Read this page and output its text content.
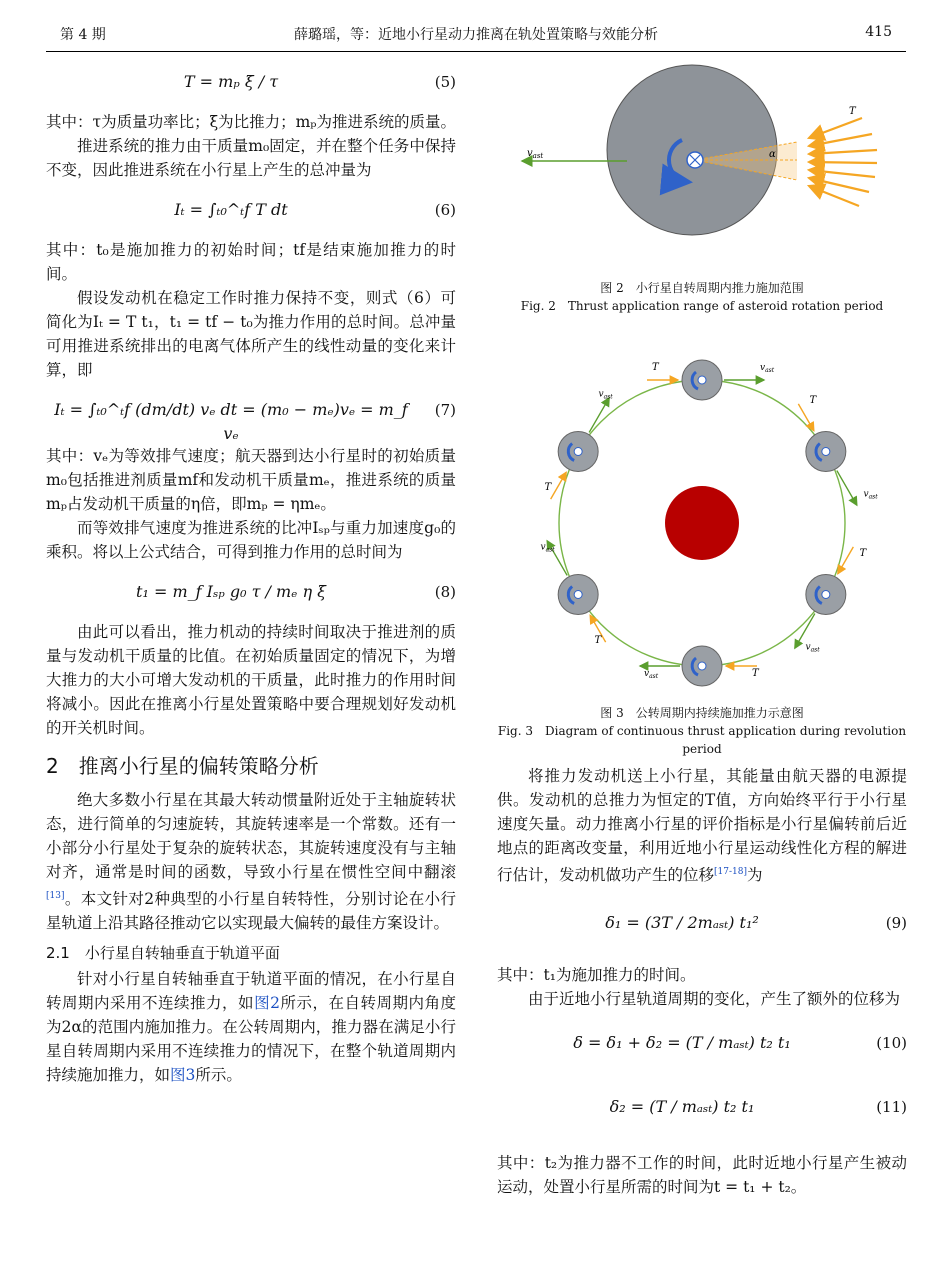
第 4 期	薛璐瑶，等：近地小行星动力推离在轨处置策略与效能分析	415
T = mₚ ξ / τ	(5)

其中：τ为质量功率比；ξ为比推力；mₚ为推进系统的质量。

推进系统的推力由干质量m₀固定，并在整个任务中保持不变，因此推进系统在小行星上产生的总冲量为

Iₜ = ∫ₜ₀^ₜf T dt	(6)

其中：t₀是施加推力的初始时间；tf是结束施加推力的时间。

假设发动机在稳定工作时推力保持不变，则式（6）可简化为Iₜ = T t₁，t₁ = tf − t₀为推力作用的总时间。总冲量可用推进系统排出的电离气体所产生的线性动量的变化来计算，即

Iₜ = ∫ₜ₀^ₜf (dm/dt) vₑ dt = (m₀ − mₑ)vₑ = m_f vₑ
(7)

其中：vₑ为等效排气速度；航天器到达小行星时的初始质量m₀包括推进剂质量mf和发动机干质量mₑ，推进系统的质量mₚ占发动机干质量的η倍，即mₚ = ηmₑ。

而等效排气速度为推进系统的比冲Iₛₚ与重力加速度g₀的乘积。将以上公式结合，可得到推力作用的总时间为

t₁ = m_f Iₛₚ g₀ τ / mₑ η ξ	(8)

由此可以看出，推力机动的持续时间取决于推进剂的质量与发动机干质量的比值。在初始质量固定的情况下，为增大推力的大小可增大发动机的干质量，此时推力的作用时间将减小。因此在推离小行星处置策略中要合理规划好发动机的开关机时间。

2　推离小行星的偏转策略分析

绝大多数小行星在其最大转动惯量附近处于主轴旋转状态，进行简单的匀速旋转，其旋转速率是一个常数。还有一小部分小行星处于复杂的旋转状态，其旋转速度没有与主轴对齐，通常是时间的函数，导致小行星在惯性空间中翻滚[13]。本文针对2种典型的小行星自转特性，分别讨论在小行星轨道上沿其路径推动它以实现最大偏转的最佳方案设计。

2.1　小行星自转轴垂直于轨道平面

针对小行星自转轴垂直于轨道平面的情况，在小行星自转周期内采用不连续推力，如图2所示，在自转周期内角度为2α的范围内施加推力。在公转周期内，推力器在满足小行星自转周期内采用不连续推力的情况下，在整个轨道周期内持续施加推力，如图3所示。

$v_{ast}$	α
T

图 2　小行星自转周期内推力施加范围

Fig. 2　Thrust application range of asteroid rotation period

T	$v_{ast}$
T
$v_{ast}$
T
$v_{ast}$
T
$v_{ast}$
T
$v_{ast}$
T
$v_{ast}$

图 3　公转周期内持续施加推力示意图

Fig. 3　Diagram of continuous thrust application during revolution period

将推力发动机送上小行星，其能量由航天器的电源提供。发动机的总推力为恒定的T值，方向始终平行于小行星速度矢量。动力推离小行星的评价指标是小行星偏转前后近地点的距离改变量，利用近地小行星运动线性化方程的解进行估计，发动机做功产生的位移[17-18]为

δ₁ = (3T / 2mₐₛₜ) t₁²	(9)

其中：t₁为施加推力的时间。

由于近地小行星轨道周期的变化，产生了额外的位移为

δ = δ₁ + δ₂ = (T / mₐₛₜ) t₂ t₁	(10)
δ₂ = (T / mₐₛₜ) t₂ t₁	(11)

其中：t₂为推力器不工作的时间，此时近地小行星产生被动运动，处置小行星所需的时间为t = t₁ + t₂。
